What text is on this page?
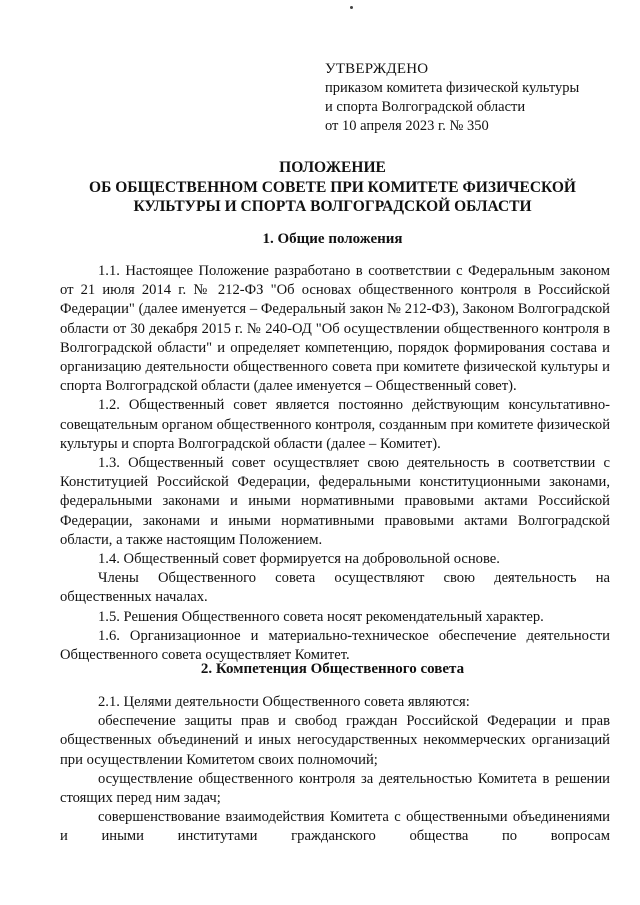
УТВЕРЖДЕНО
приказом комитета физической культуры
и спорта Волгоградской области
от 10 апреля 2023 г. № 350
ПОЛОЖЕНИЕ
ОБ ОБЩЕСТВЕННОМ СОВЕТЕ ПРИ КОМИТЕТЕ ФИЗИЧЕСКОЙ
КУЛЬТУРЫ И СПОРТА ВОЛГОГРАДСКОЙ ОБЛАСТИ
1. Общие положения

1.1. Настоящее Положение разработано в соответствии с Федеральным законом от 21 июля 2014 г. № 212-ФЗ "Об основах общественного контроля в Российской Федерации" (далее именуется – Федеральный закон № 212-ФЗ), Законом Волгоградской области от 30 декабря 2015 г. № 240-ОД "Об осуществлении общественного контроля в Волгоградской области" и определяет компетенцию, порядок формирования состава и организацию деятельности общественного совета при комитете физической культуры и спорта Волгоградской области (далее именуется – Общественный совет).

1.2. Общественный совет является постоянно действующим консультативно-совещательным органом общественного контроля, созданным при комитете физической культуры и спорта Волгоградской области (далее – Комитет).

1.3. Общественный совет осуществляет свою деятельность в соответствии с Конституцией Российской Федерации, федеральными конституционными законами, федеральными законами и иными нормативными правовыми актами Российской Федерации, законами и иными нормативными правовыми актами Волгоградской области, а также настоящим Положением.

1.4. Общественный совет формируется на добровольной основе.

Члены Общественного совета осуществляют свою деятельность на общественных началах.

1.5. Решения Общественного совета носят рекомендательный характер.

1.6. Организационное и материально-техническое обеспечение деятельности Общественного совета осуществляет Комитет.

2. Компетенция Общественного совета

2.1. Целями деятельности Общественного совета являются:

обеспечение защиты прав и свобод граждан Российской Федерации и прав общественных объединений и иных негосударственных некоммерческих организаций при осуществлении Комитетом своих полномочий;

осуществление общественного контроля за деятельностью Комитета в решении стоящих перед ним задач;

совершенствование взаимодействия Комитета с общественными объединениями и иными институтами гражданского общества по вопросам
